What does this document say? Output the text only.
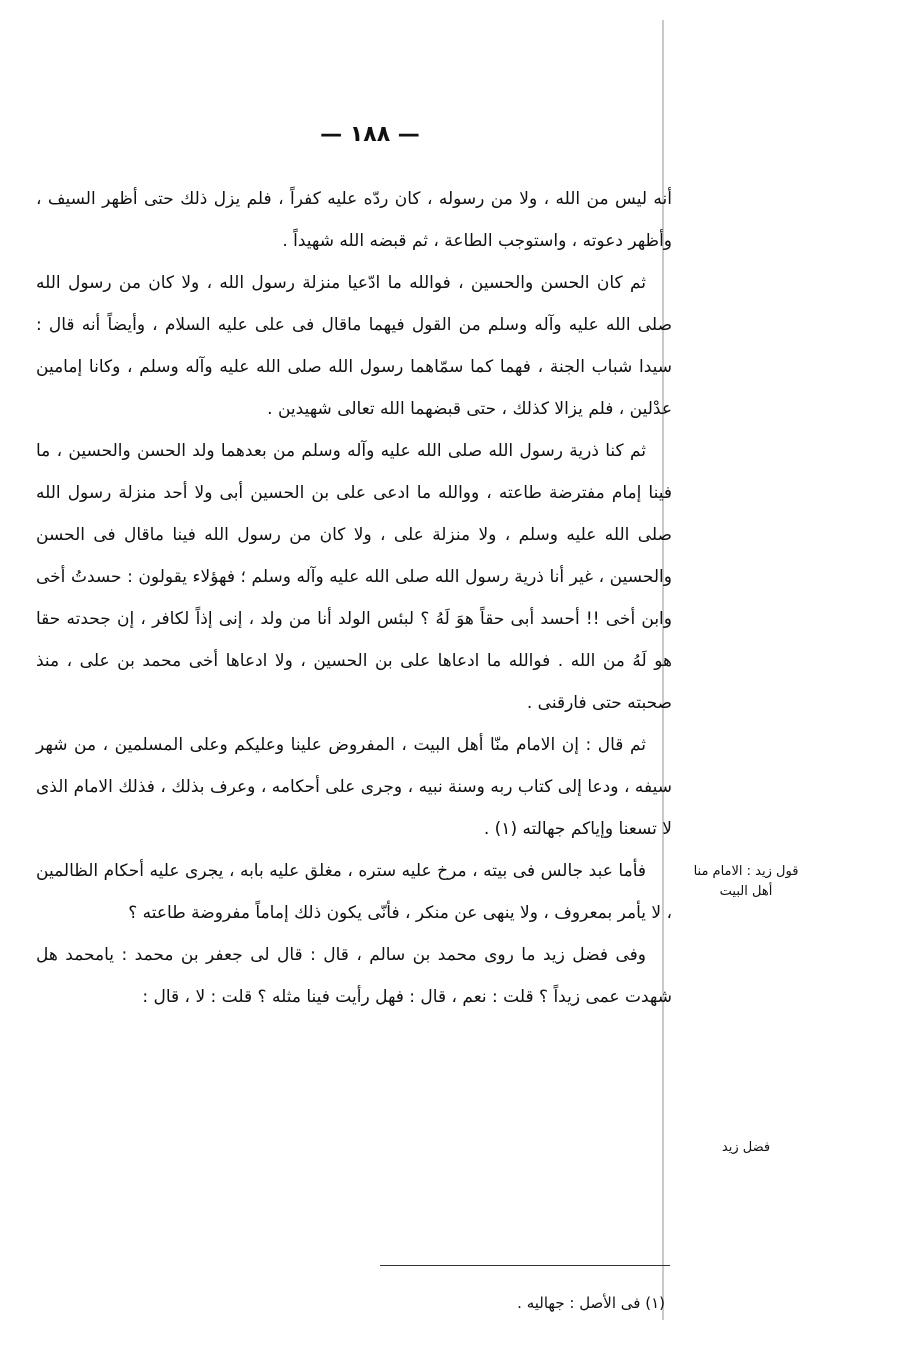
— ١٨٨ —

أنه ليس من الله ، ولا من رسوله ، كان ردّه عليه كفراً ، فلم يزل ذلك حتى أظهر السيف ، وأظهر دعوته ، واستوجب الطاعة ، ثم قبضه الله شهيداً .

ثم كان الحسن والحسين ، فوالله ما ادّعيا منزلة رسول الله ، ولا كان من رسول الله صلى الله عليه وآله وسلم من القول فيهما ماقال فى على عليه السلام ، وأيضاً أنه قال : سيدا شباب الجنة ، فهما كما سمّاهما رسول الله صلى الله عليه وآله وسلم ، وكانا إمامين عدْلين ، فلم يزالا كذلك ، حتى قبضهما الله تعالى شهيدين .

ثم كنا ذرية رسول الله صلى الله عليه وآله وسلم من بعدهما ولد الحسن والحسين ، ما فينا إمام مفترضة طاعته ، ووالله ما ادعى على بن الحسين أبى ولا أحد منزلة رسول الله صلى الله عليه وسلم ، ولا منزلة على ، ولا كان من رسول الله فينا ماقال فى الحسن والحسين ، غير أنا ذرية رسول الله صلى الله عليه وآله وسلم ؛ فهؤلاء يقولون : حسدتُ أخى وابن أخى !! أحسد أبى حقاً هوَ لَهُ ؟ لبئس الولد أنا من ولد ، إنى إذاً لكافر ، إن جحدته حقا هو لَهُ من الله . فوالله ما ادعاها على بن الحسين ، ولا ادعاها أخى محمد بن على ، منذ صحبته حتى فارقنى .

ثم قال : إن الامام منّا أهل البيت ، المفروض علينا وعليكم وعلى المسلمين ، من شهر سيفه ، ودعا إلى كتاب ربه وسنة نبيه ، وجرى على أحكامه ، وعرف بذلك ، فذلك الامام الذى لا تسعنا وإياكم جهالته (١) .

فأما عبد جالس فى بيته ، مرخ عليه ستره ، مغلق عليه بابه ، يجرى عليه أحكام الظالمين ، لا يأمر بمعروف ، ولا ينهى عن منكر ، فأنّى يكون ذلك إماماً مفروضة طاعته ؟

وفى فضل زيد ما روى محمد بن سالم ، قال : قال لى جعفر بن محمد : يامحمد هل شهدت عمى زيداً ؟ قلت : نعم ، قال : فهل رأيت فينا مثله ؟ قلت : لا ، قال :

قول زيد : الامام منا أهل البيت
فضل زيد
(١) فى الأصل : جهاليه .
